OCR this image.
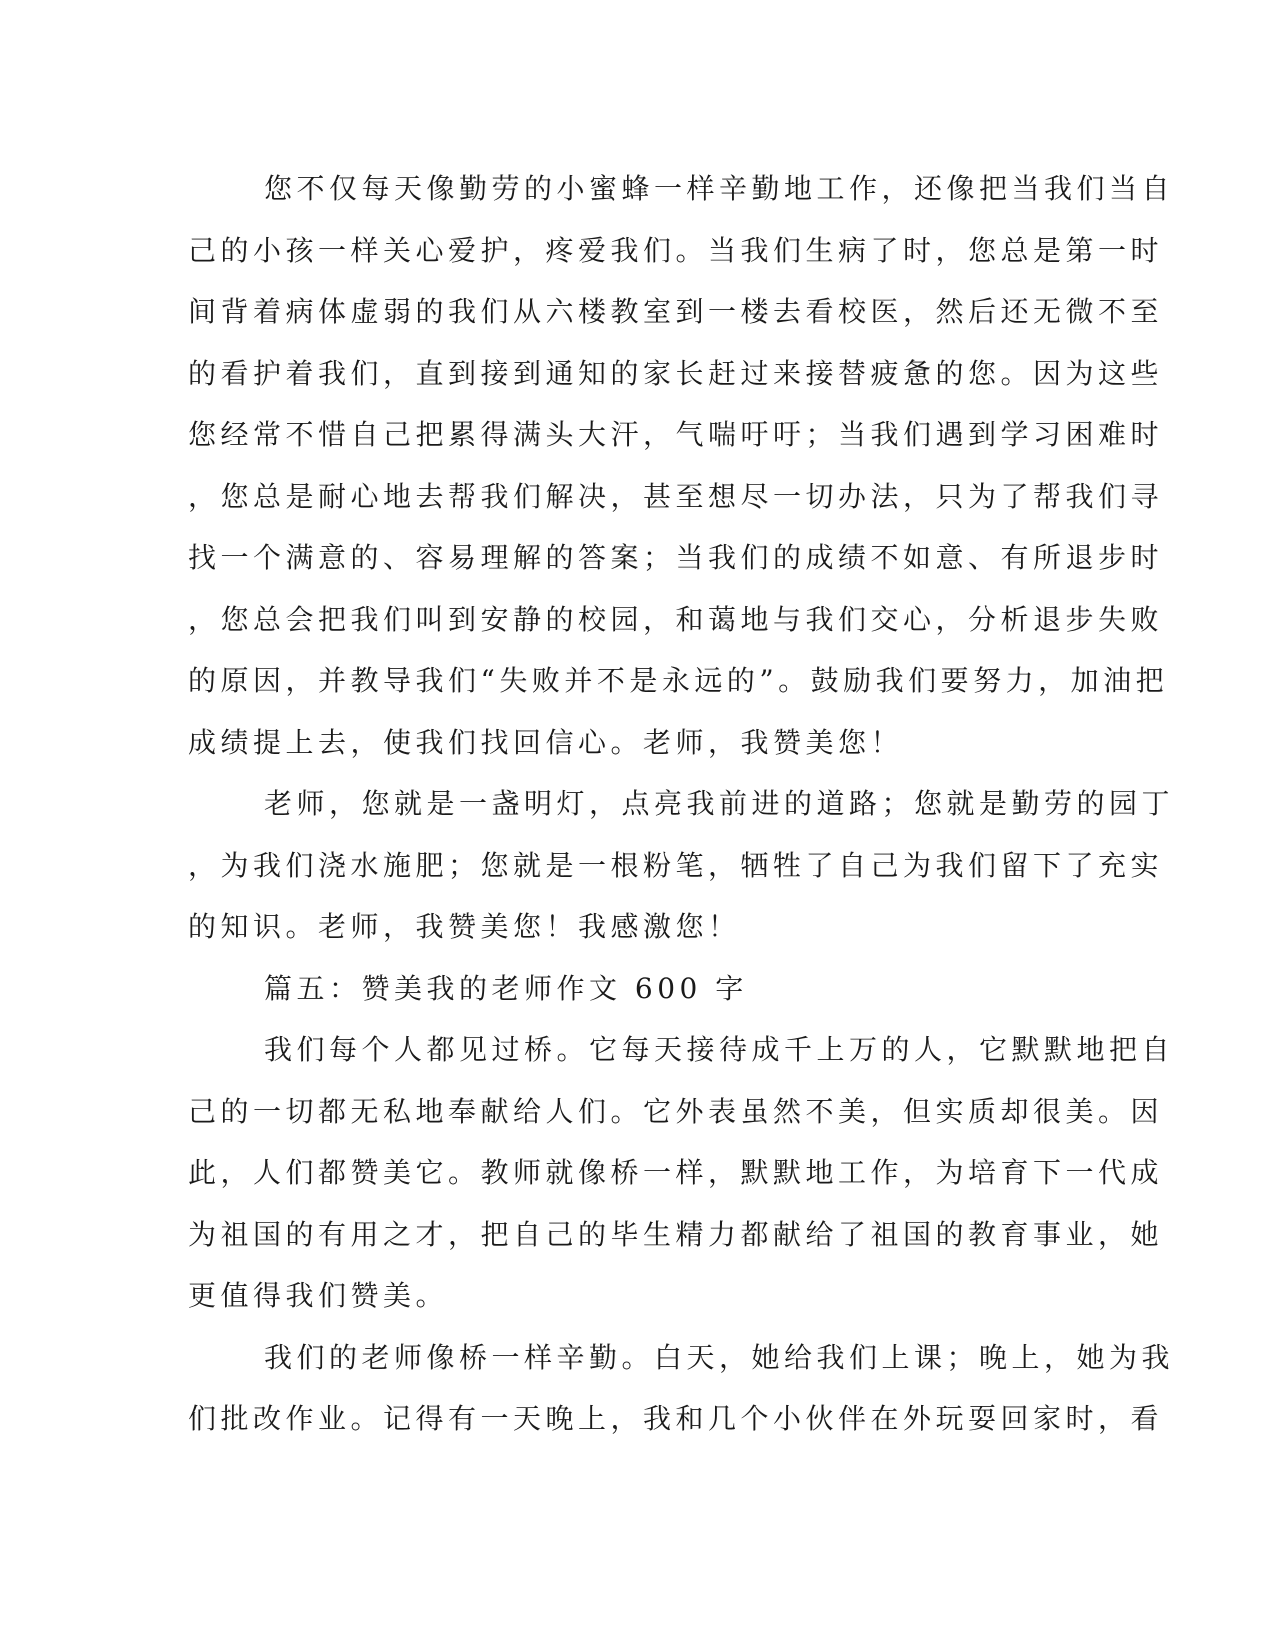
您不仅每天像勤劳的小蜜蜂一样辛勤地工作，还像把当我们当自
己的小孩一样关心爱护，疼爱我们。当我们生病了时，您总是第一时
间背着病体虚弱的我们从六楼教室到一楼去看校医，然后还无微不至
的看护着我们，直到接到通知的家长赶过来接替疲惫的您。因为这些
您经常不惜自己把累得满头大汗，气喘吁吁；当我们遇到学习困难时
，您总是耐心地去帮我们解决，甚至想尽一切办法，只为了帮我们寻
找一个满意的、容易理解的答案；当我们的成绩不如意、有所退步时
，您总会把我们叫到安静的校园，和蔼地与我们交心，分析退步失败
的原因，并教导我们“失败并不是永远的”。鼓励我们要努力，加油把
成绩提上去，使我们找回信心。老师，我赞美您！
老师，您就是一盏明灯，点亮我前进的道路；您就是勤劳的园丁
，为我们浇水施肥；您就是一根粉笔，牺牲了自己为我们留下了充实
的知识。老师，我赞美您！我感激您！
篇五：赞美我的老师作文 600 字
我们每个人都见过桥。它每天接待成千上万的人，它默默地把自
己的一切都无私地奉献给人们。它外表虽然不美，但实质却很美。因
此，人们都赞美它。教师就像桥一样，默默地工作，为培育下一代成
为祖国的有用之才，把自己的毕生精力都献给了祖国的教育事业，她
更值得我们赞美。
我们的老师像桥一样辛勤。白天，她给我们上课；晚上，她为我
们批改作业。记得有一天晚上，我和几个小伙伴在外玩耍回家时，看
